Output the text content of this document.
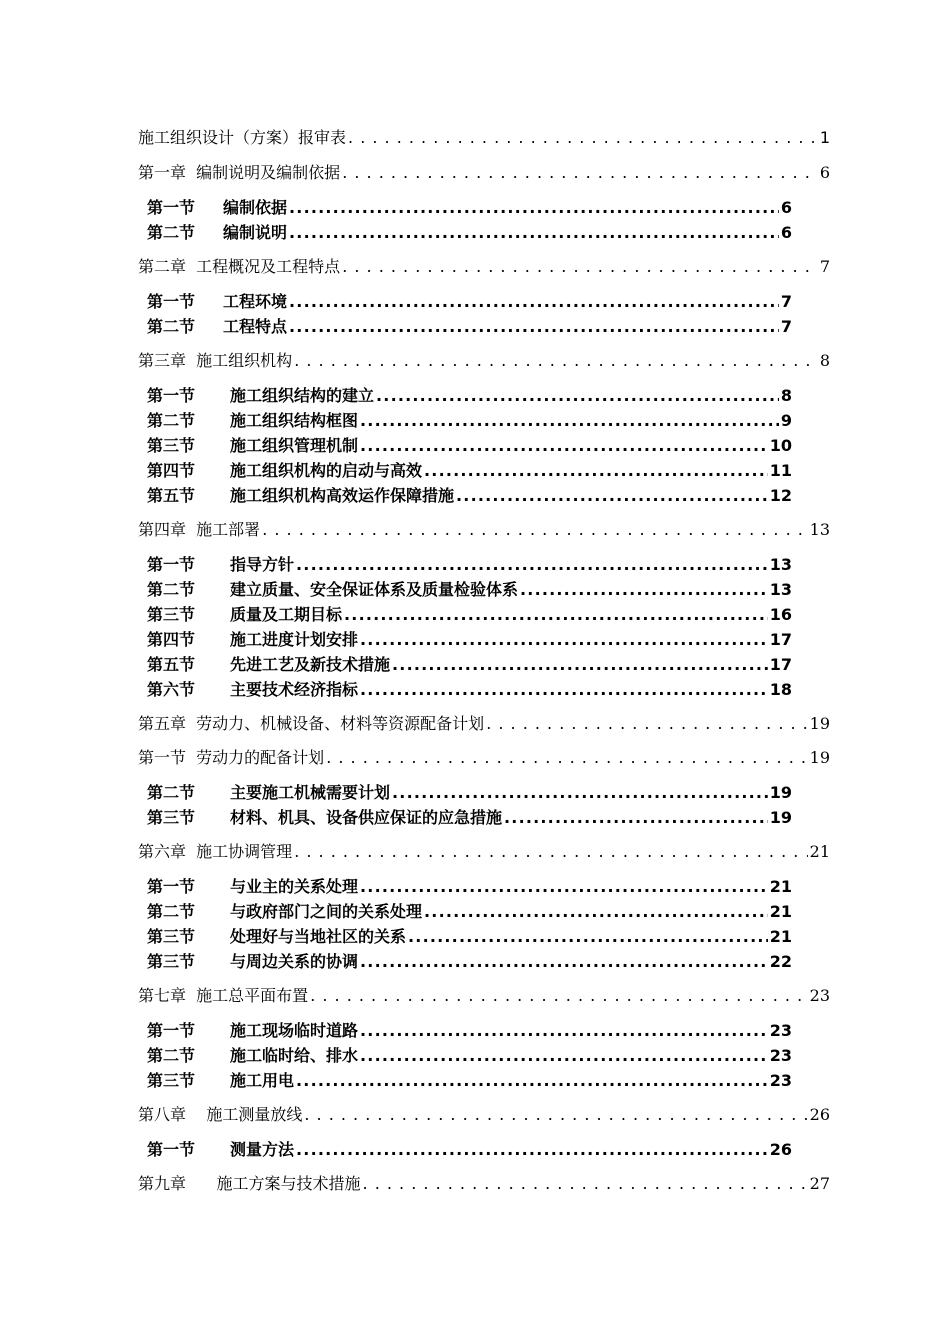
施工组织设计（方案）报审表 . . .	1
第一章  编制说明及编制依据 . . .	6
第一节	编制依据 .....	6
第二节	编制说明 .....	6
第二章  工程概况及工程特点 . . .	7
第一节	工程环境 .....	7
第二节	工程特点 .....	7
第三章  施工组织机构 . . .	8
第一节	施工组织结构的建立 .....	8
第二节	施工组织结构框图 .....	9
第三节	施工组织管理机制 .....	10
第四节	施工组织机构的启动与高效 .....	11
第五节	施工组织机构高效运作保障措施 .....	12
第四章  施工部署 . . .	13
第一节	指导方针 .....	13
第二节	建立质量、安全保证体系及质量检验体系 .....	13
第三节	质量及工期目标 .....	16
第四节	施工进度计划安排 .....	17
第五节	先进工艺及新技术措施 .....	17
第六节	主要技术经济指标 .....	18
第五章  劳动力、机械设备、材料等资源配备计划 . . .	19
第一节  劳动力的配备计划 . . .	19
第二节	主要施工机械需要计划 .....	19
第三节	材料、机具、设备供应保证的应急措施 .....	19
第六章  施工协调管理 . . .	21
第一节	与业主的关系处理 .....	21
第二节	与政府部门之间的关系处理 .....	21
第三节	处理好与当地社区的关系 .....	21
第三节	与周边关系的协调 .....	22
第七章  施工总平面布置 . . .	23
第一节	施工现场临时道路 .....	23
第二节	施工临时给、排水 .....	23
第三节	施工用电 .....	23
第八章    施工测量放线 . . .	26
第一节	测量方法 .....	26
第九章      施工方案与技术措施 . . .	27
